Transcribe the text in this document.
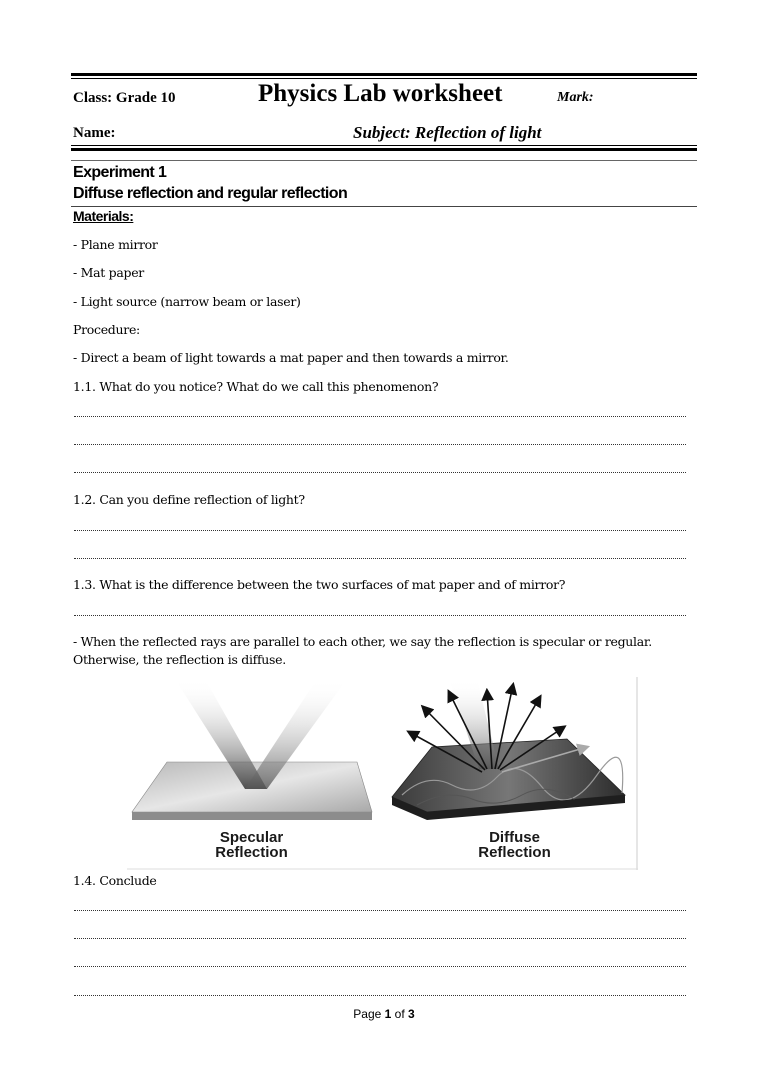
Class: Grade 10	Physics Lab worksheet	Mark:
Name:	Subject: Reflection of light
Experiment 1
Diffuse reflection and regular reflection
Materials:
- Plane mirror
- Mat paper
- Light source (narrow beam or laser)
Procedure:
- Direct a beam of light towards a mat paper and then towards a mirror.
1.1. What do you notice? What do we call this phenomenon?
1.2. Can you define reflection of light?
1.3. What is the difference between the two surfaces of mat paper and of mirror?
- When the reflected rays are parallel to each other, we say the reflection is specular or regular.
Otherwise, the reflection is diffuse.
Specular
Reflection
Diffuse
Reflection
1.4. Conclude
Page 1 of 3
